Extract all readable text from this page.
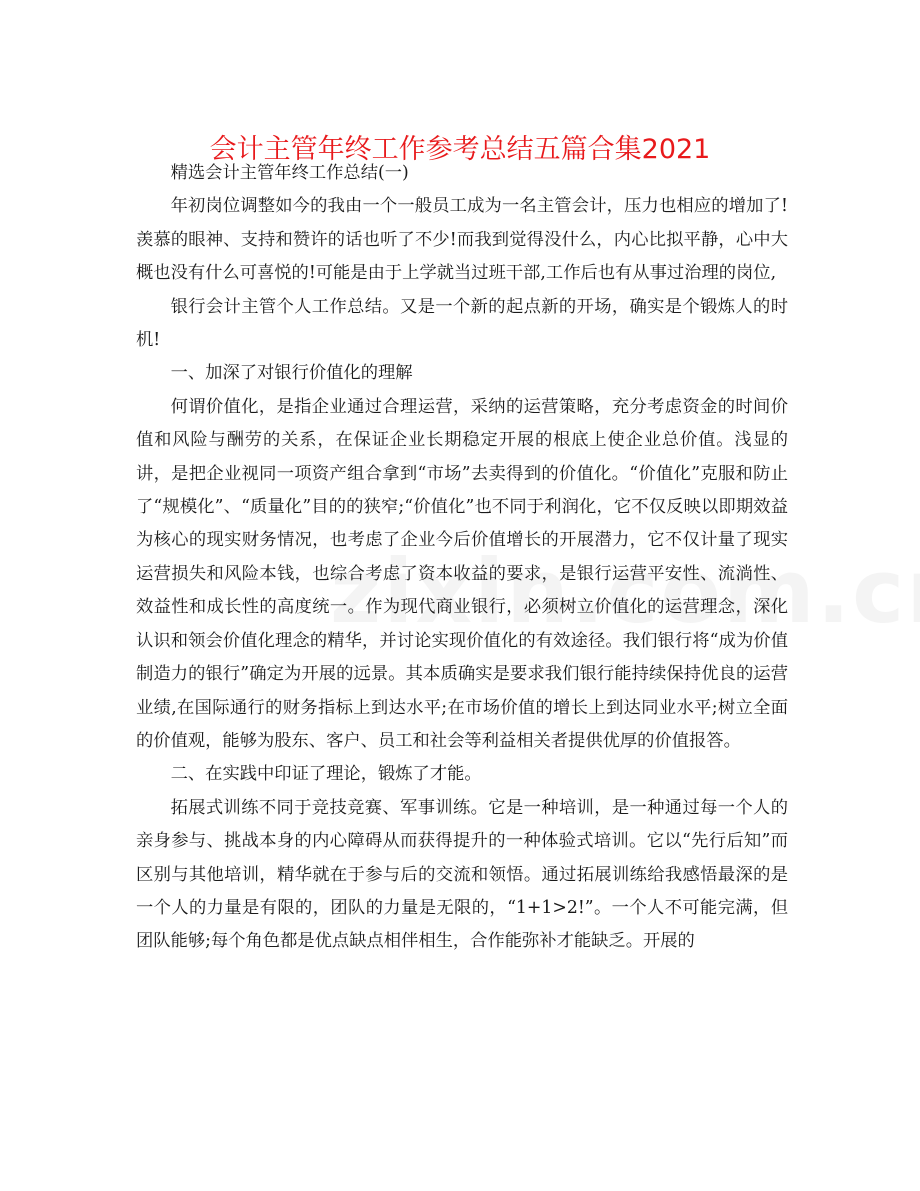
会计主管年终工作参考总结五篇合集2021

精选会计主管年终工作总结(一)

年初岗位调整如今的我由一个一般员工成为一名主管会计，压力也相应的增加了!羡慕的眼神、支持和赞许的话也听了不少!而我到觉得没什么，内心比拟平静，心中大概也没有什么可喜悦的!可能是由于上学就当过班干部,工作后也有从事过治理的岗位,

银行会计主管个人工作总结。又是一个新的起点新的开场，确实是个锻炼人的时机!

一、加深了对银行价值化的理解

何谓价值化，是指企业通过合理运营，采纳的运营策略，充分考虑资金的时间价值和风险与酬劳的关系，在保证企业长期稳定开展的根底上使企业总价值。浅显的讲，是把企业视同一项资产组合拿到“市场”去卖得到的价值化。“价值化”克服和防止了“规模化”、“质量化”目的的狭窄;“价值化”也不同于利润化，它不仅反映以即期效益为核心的现实财务情况，也考虑了企业今后价值增长的开展潜力，它不仅计量了现实运营损失和风险本钱，也综合考虑了资本收益的要求，是银行运营平安性、流淌性、效益性和成长性的高度统一。作为现代商业银行，必须树立价值化的运营理念，深化认识和领会价值化理念的精华，并讨论实现价值化的有效途径。我们银行将“成为价值制造力的银行”确定为开展的远景。其本质确实是要求我们银行能持续保持优良的运营业绩,在国际通行的财务指标上到达水平;在市场价值的增长上到达同业水平;树立全面的价值观，能够为股东、客户、员工和社会等利益相关者提供优厚的价值报答。

二、在实践中印证了理论，锻炼了才能。

拓展式训练不同于竞技竞赛、军事训练。它是一种培训，是一种通过每一个人的亲身参与、挑战本身的内心障碍从而获得提升的一种体验式培训。它以“先行后知”而区别与其他培训，精华就在于参与后的交流和领悟。通过拓展训练给我感悟最深的是一个人的力量是有限的，团队的力量是无限的，“1+1>2!”。一个人不可能完满，但团队能够;每个角色都是优点缺点相伴相生，合作能弥补才能缺乏。开展的
